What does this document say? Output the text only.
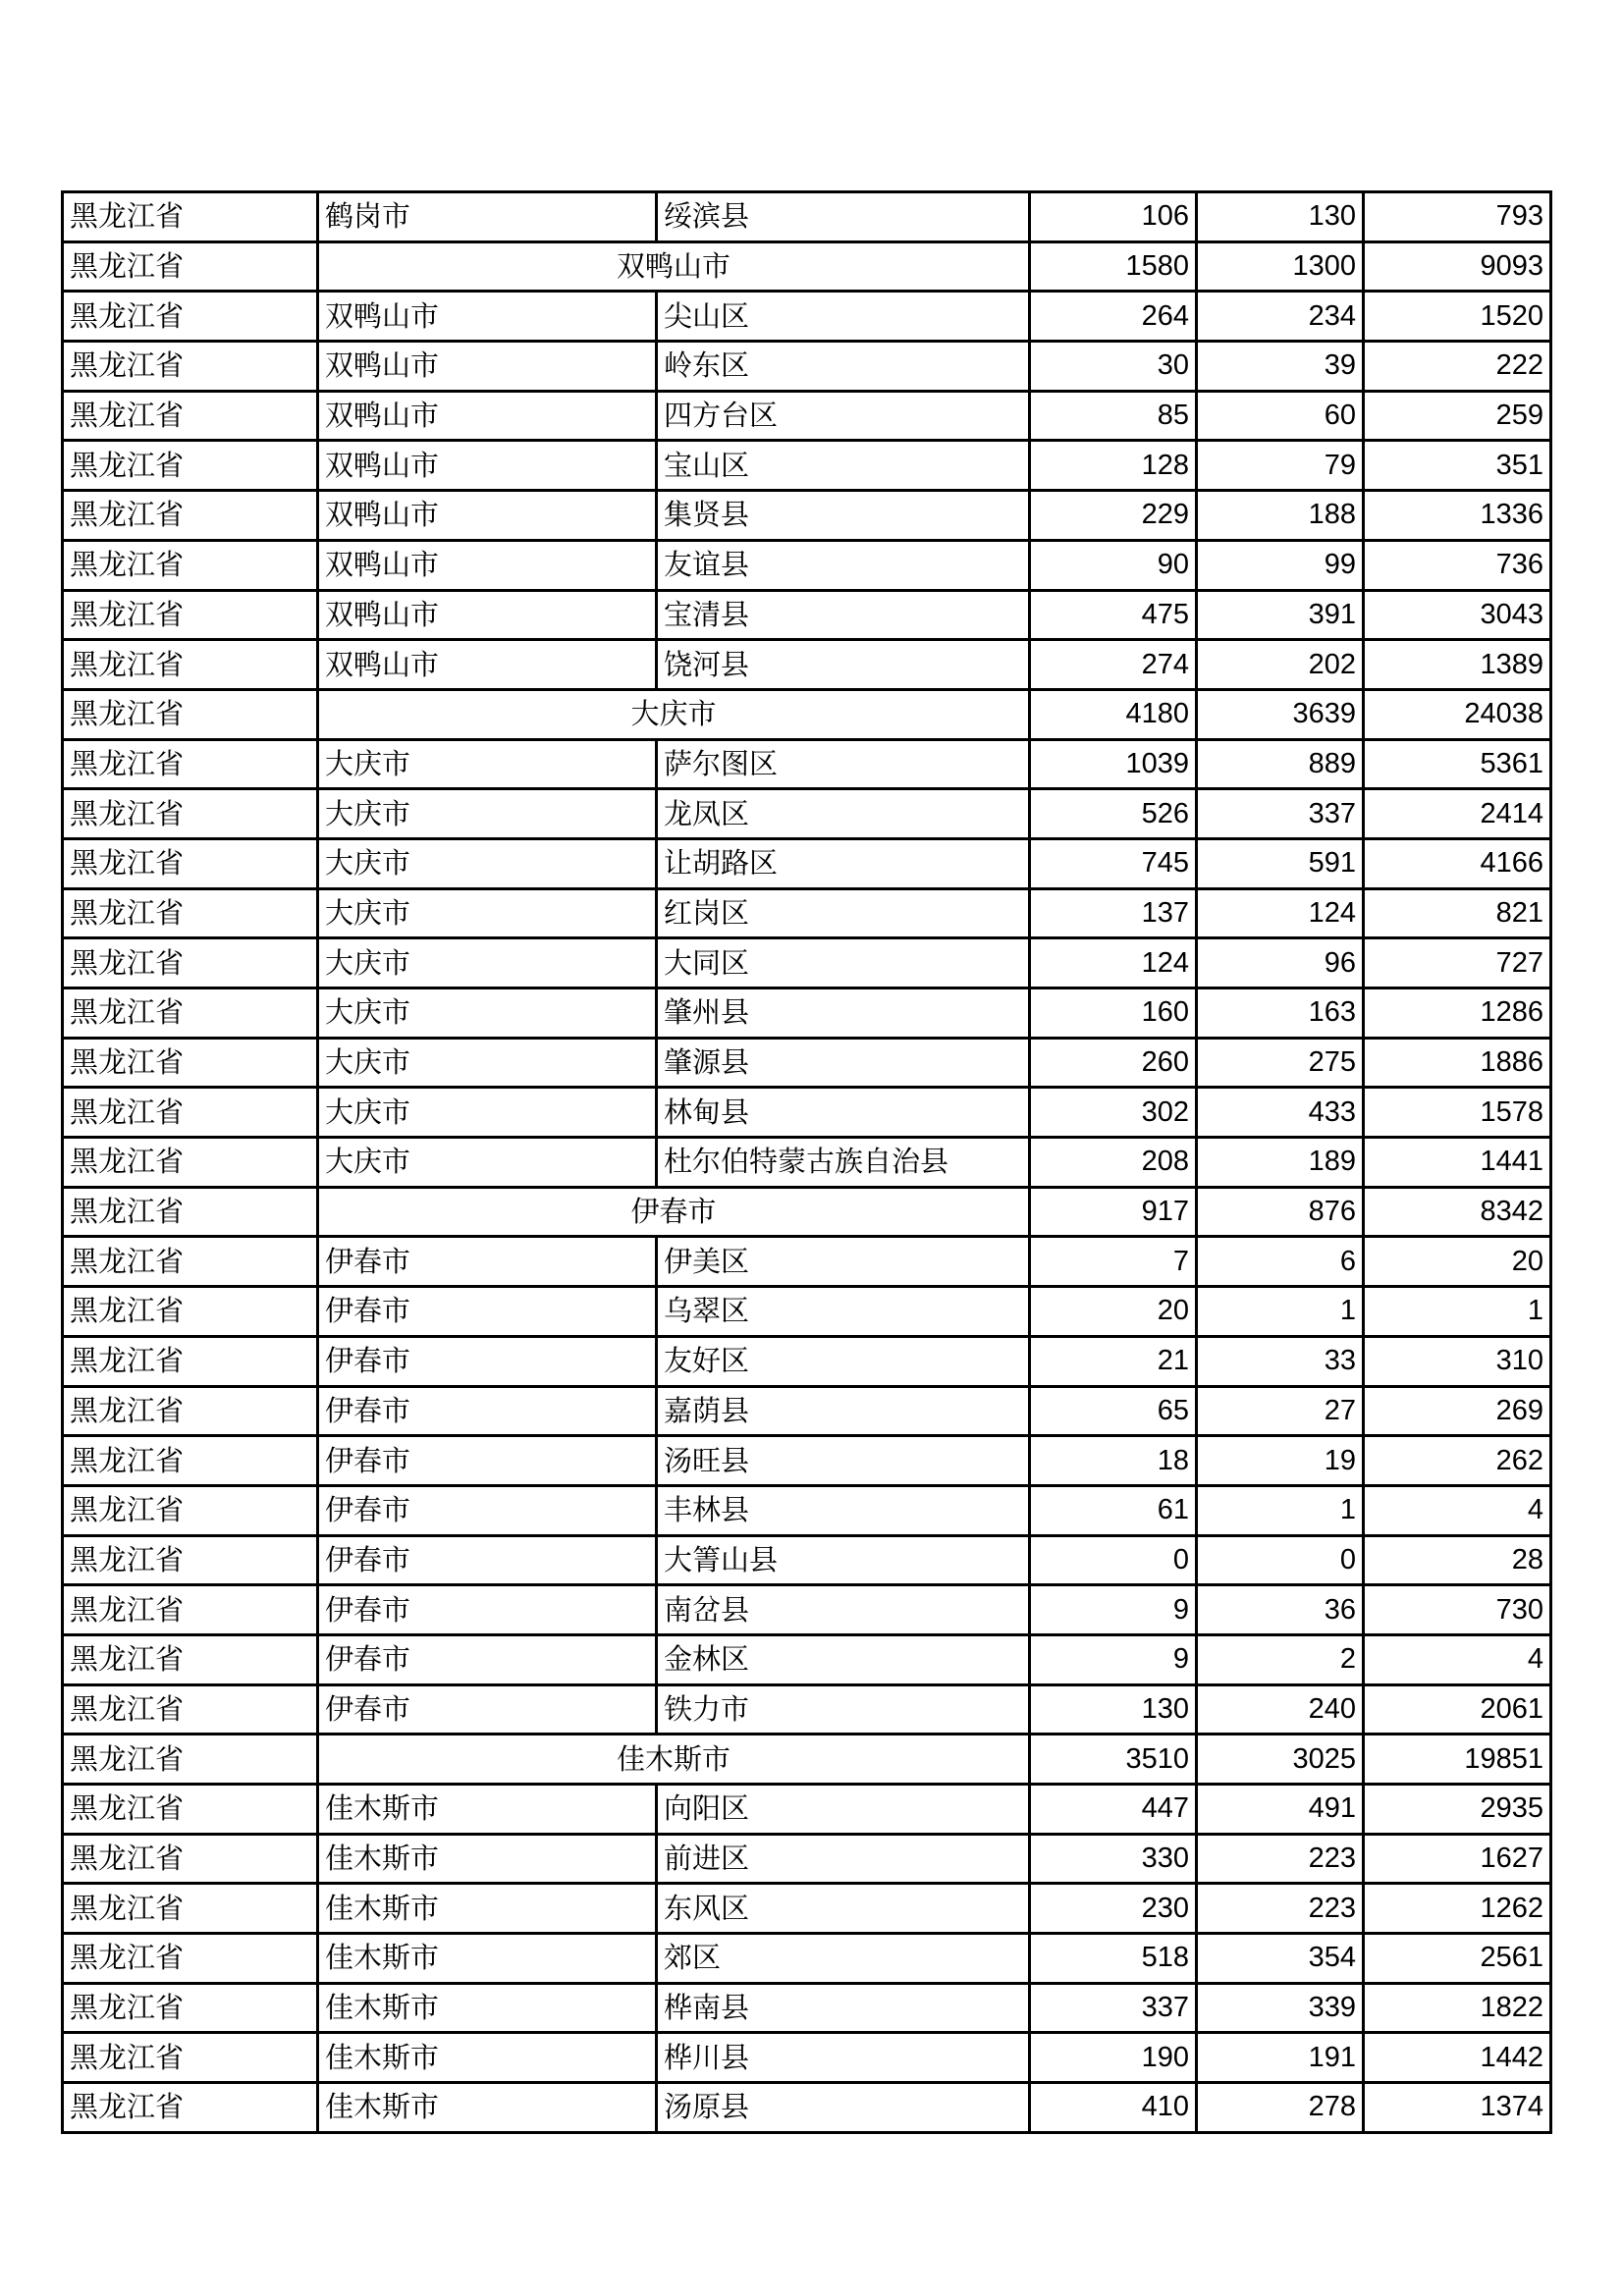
黑龙江省	鹤岗市	绥滨县	106	130	793
黑龙江省	双鸭山市		1580	1300	9093
黑龙江省	双鸭山市	尖山区	264	234	1520
黑龙江省	双鸭山市	岭东区	30	39	222
黑龙江省	双鸭山市	四方台区	85	60	259
黑龙江省	双鸭山市	宝山区	128	79	351
黑龙江省	双鸭山市	集贤县	229	188	1336
黑龙江省	双鸭山市	友谊县	90	99	736
黑龙江省	双鸭山市	宝清县	475	391	3043
黑龙江省	双鸭山市	饶河县	274	202	1389
黑龙江省	大庆市		4180	3639	24038
黑龙江省	大庆市	萨尔图区	1039	889	5361
黑龙江省	大庆市	龙凤区	526	337	2414
黑龙江省	大庆市	让胡路区	745	591	4166
黑龙江省	大庆市	红岗区	137	124	821
黑龙江省	大庆市	大同区	124	96	727
黑龙江省	大庆市	肇州县	160	163	1286
黑龙江省	大庆市	肇源县	260	275	1886
黑龙江省	大庆市	林甸县	302	433	1578
黑龙江省	大庆市	杜尔伯特蒙古族自治县	208	189	1441
黑龙江省	伊春市		917	876	8342
黑龙江省	伊春市	伊美区	7	6	20
黑龙江省	伊春市	乌翠区	20	1	1
黑龙江省	伊春市	友好区	21	33	310
黑龙江省	伊春市	嘉荫县	65	27	269
黑龙江省	伊春市	汤旺县	18	19	262
黑龙江省	伊春市	丰林县	61	1	4
黑龙江省	伊春市	大箐山县	0	0	28
黑龙江省	伊春市	南岔县	9	36	730
黑龙江省	伊春市	金林区	9	2	4
黑龙江省	伊春市	铁力市	130	240	2061
黑龙江省	佳木斯市		3510	3025	19851
黑龙江省	佳木斯市	向阳区	447	491	2935
黑龙江省	佳木斯市	前进区	330	223	1627
黑龙江省	佳木斯市	东风区	230	223	1262
黑龙江省	佳木斯市	郊区	518	354	2561
黑龙江省	佳木斯市	桦南县	337	339	1822
黑龙江省	佳木斯市	桦川县	190	191	1442
黑龙江省	佳木斯市	汤原县	410	278	1374
